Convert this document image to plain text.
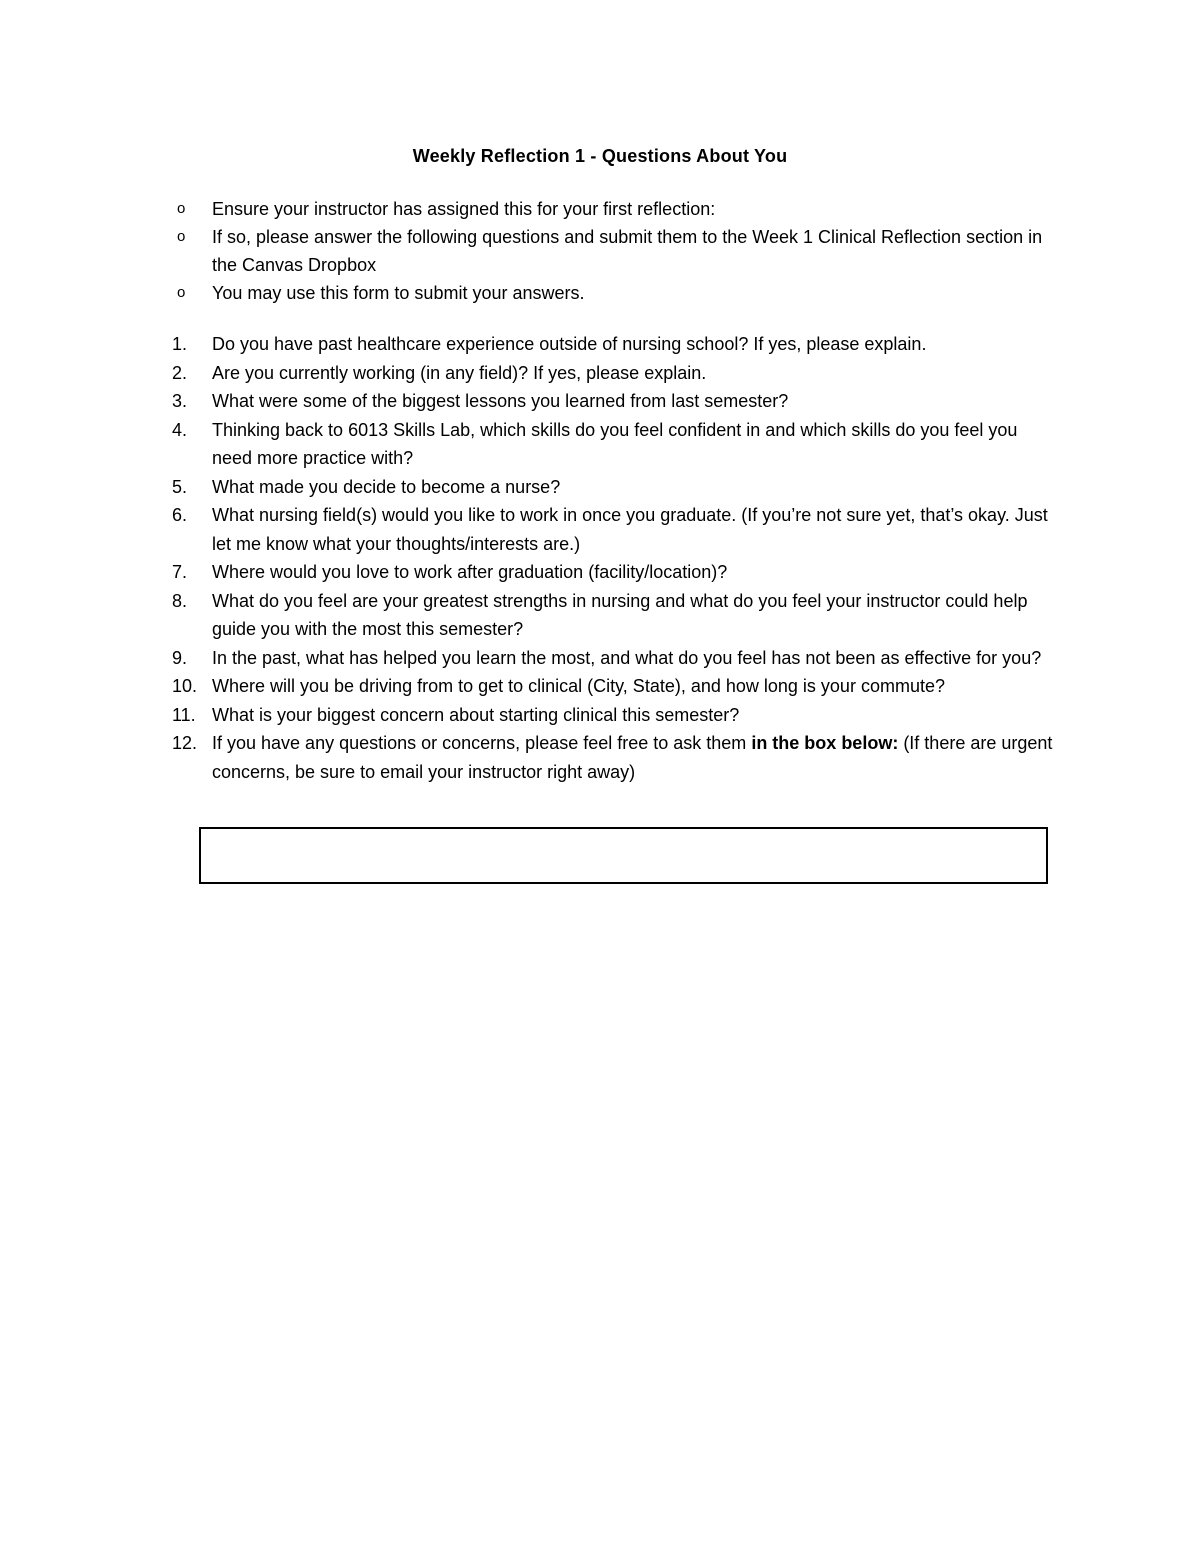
Weekly Reflection 1 - Questions About You
o Ensure your instructor has assigned this for your first reflection:
o If so, please answer the following questions and submit them to the Week 1 Clinical Reflection section in the Canvas Dropbox
o You may use this form to submit your answers.
1. Do you have past healthcare experience outside of nursing school? If yes, please explain.
2. Are you currently working (in any field)? If yes, please explain.
3. What were some of the biggest lessons you learned from last semester?
4. Thinking back to 6013 Skills Lab, which skills do you feel confident in and which skills do you feel you need more practice with?
5. What made you decide to become a nurse?
6. What nursing field(s) would you like to work in once you graduate. (If you’re not sure yet, that’s okay. Just let me know what your thoughts/interests are.)
7. Where would you love to work after graduation (facility/location)?
8. What do you feel are your greatest strengths in nursing and what do you feel your instructor could help guide you with the most this semester?
9. In the past, what has helped you learn the most, and what do you feel has not been as effective for you?
10. Where will you be driving from to get to clinical (City, State), and how long is your commute?
11. What is your biggest concern about starting clinical this semester?
12. If you have any questions or concerns, please feel free to ask them in the box below: (If there are urgent concerns, be sure to email your instructor right away)
